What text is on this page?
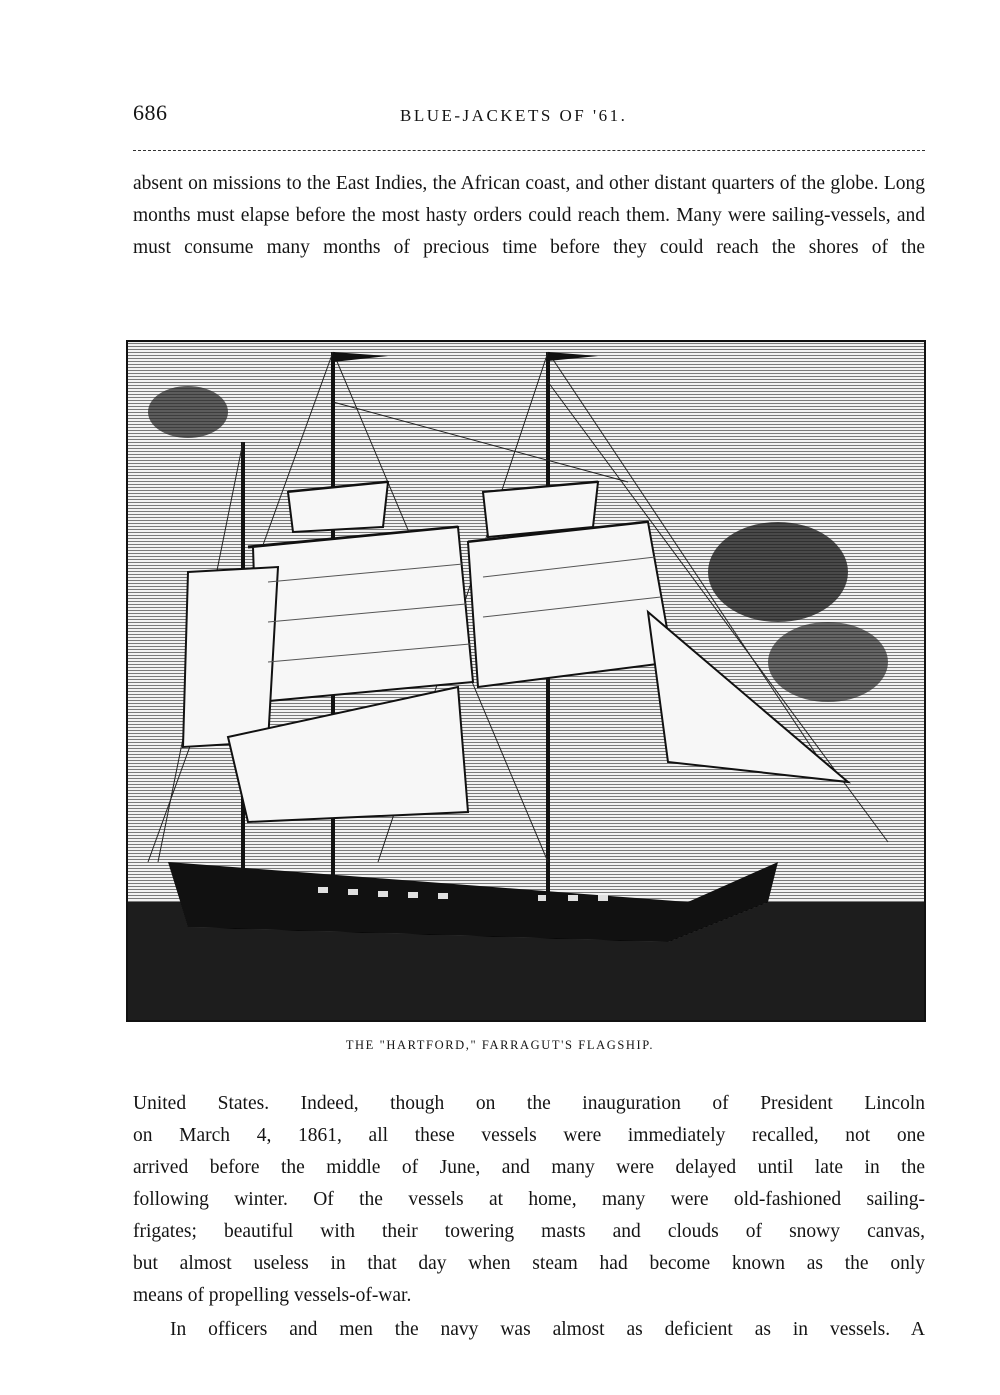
686	BLUE-JACKETS OF '61.

absent on missions to the East Indies, the African coast, and other distant quarters of the globe. Long months must elapse before the most hasty orders could reach them. Many were sailing-vessels, and must consume many months of precious time before they could reach the shores of the

THE "HARTFORD," FARRAGUT'S FLAGSHIP.
United States. Indeed, though on the inauguration of President Lincoln
on March 4, 1861, all these vessels were immediately recalled, not one
arrived before the middle of June, and many were delayed until late in the
following winter. Of the vessels at home, many were old-fashioned sailing-
frigates; beautiful with their towering masts and clouds of snowy canvas,
but almost useless in that day when steam had become known as the only
means of propelling vessels-of-war.

In officers and men the navy was almost as deficient as in vessels. A
